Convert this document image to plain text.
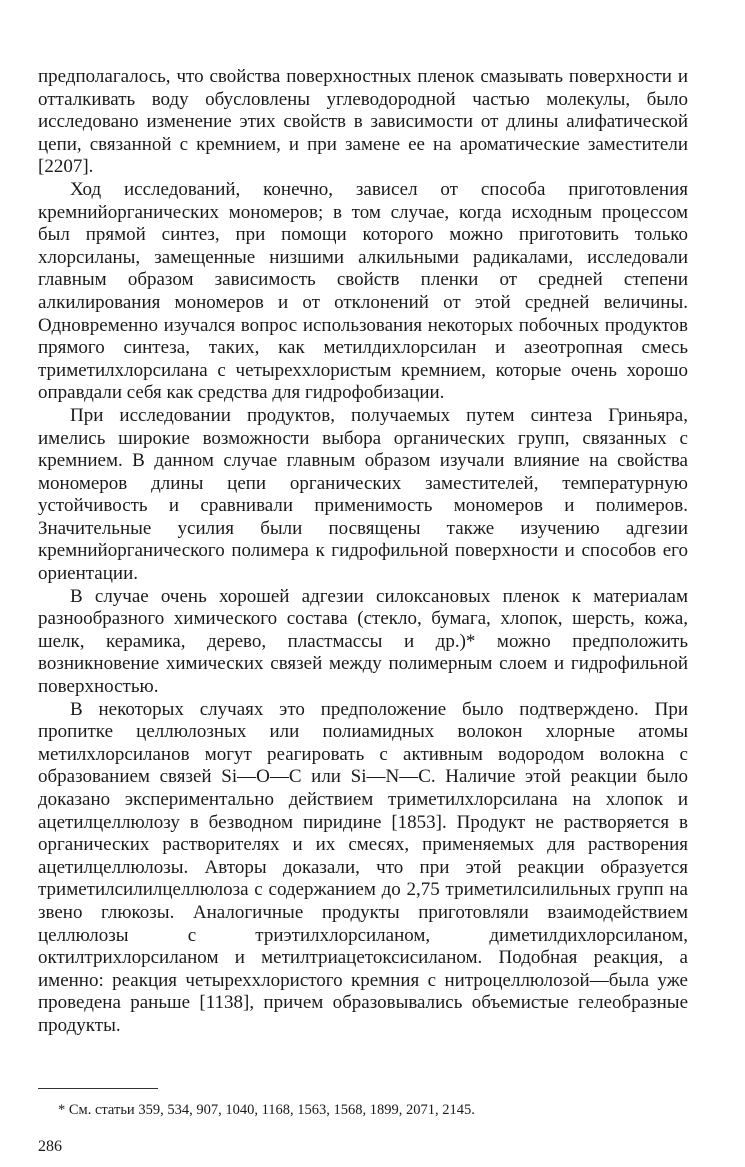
предполагалось, что свойства поверхностных пленок смазывать поверхности и отталкивать воду обусловлены углеводородной частью молекулы, было исследовано изменение этих свойств в зависимости от длины алифатической цепи, связанной с кремнием, и при замене ее на ароматические заместители [2207].

Ход исследований, конечно, зависел от способа приготовления кремнийорганических мономеров; в том случае, когда исходным процессом был прямой синтез, при помощи которого можно приготовить только хлорсиланы, замещенные низшими алкильными радикалами, исследовали главным образом зависимость свойств пленки от средней степени алкилирования мономеров и от отклонений от этой средней величины. Одновременно изучался вопрос использования некоторых побочных продуктов прямого синтеза, таких, как метилдихлорсилан и азеотропная смесь триметилхлорсилана с четыреххлористым кремнием, которые очень хорошо оправдали себя как средства для гидрофобизации.

При исследовании продуктов, получаемых путем синтеза Гриньяра, имелись широкие возможности выбора органических групп, связанных с кремнием. В данном случае главным образом изучали влияние на свойства мономеров длины цепи органических заместителей, температурную устойчивость и сравнивали применимость мономеров и полимеров. Значительные усилия были посвящены также изучению адгезии кремнийорганического полимера к гидрофильной поверхности и способов его ориентации.

В случае очень хорошей адгезии силоксановых пленок к материалам разнообразного химического состава (стекло, бумага, хлопок, шерсть, кожа, шелк, керамика, дерево, пластмассы и др.)* можно предположить возникновение химических связей между полимерным слоем и гидрофильной поверхностью.

В некоторых случаях это предположение было подтверждено. При пропитке целлюлозных или полиамидных волокон хлорные атомы метилхлорсиланов могут реагировать с активным водородом волокна с образованием связей Si—O—C или Si—N—C. Наличие этой реакции было доказано экспериментально действием триметилхлорсилана на хлопок и ацетилцеллюлозу в безводном пиридине [1853]. Продукт не растворяется в органических растворителях и их смесях, применяемых для растворения ацетилцеллюлозы. Авторы доказали, что при этой реакции образуется триметилсилилцеллюлоза с содержанием до 2,75 триметилсилильных групп на звено глюкозы. Аналогичные продукты приготовляли взаимодействием целлюлозы с триэтилхлорсиланом, диметилдихлорсиланом, октилтрихлорсиланом и метилтриацетоксисиланом. Подобная реакция, а именно: реакция четыреххлористого кремния с нитроцеллюлозой—была уже проведена раньше [1138], причем образовывались объемистые гелеобразные продукты.

* См. статьи 359, 534, 907, 1040, 1168, 1563, 1568, 1899, 2071, 2145.
286
